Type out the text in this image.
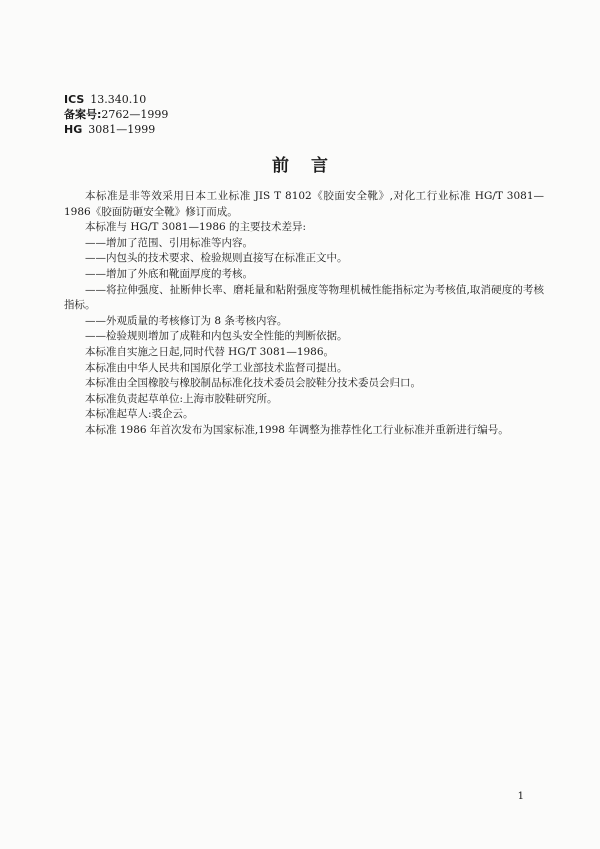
ICS 13.340.10
备案号:2762—1999
HG 3081—1999
前言

本标准是非等效采用日本工业标准 JIS T 8102《胶面安全靴》,对化工行业标准 HG/T 3081—1986《胶面防砸安全靴》修订而成。

本标准与 HG/T 3081—1986 的主要技术差异:

——增加了范围、引用标准等内容。

——内包头的技术要求、检验规则直接写在标准正文中。

——增加了外底和靴面厚度的考核。

——将拉伸强度、扯断伸长率、磨耗量和粘附强度等物理机械性能指标定为考核值,取消硬度的考核指标。

——外观质量的考核修订为 8 条考核内容。

——检验规则增加了成鞋和内包头安全性能的判断依据。

本标准自实施之日起,同时代替 HG/T 3081—1986。

本标准由中华人民共和国原化学工业部技术监督司提出。

本标准由全国橡胶与橡胶制品标准化技术委员会胶鞋分技术委员会归口。

本标准负责起草单位:上海市胶鞋研究所。

本标准起草人:裘企云。

本标准 1986 年首次发布为国家标准,1998 年调整为推荐性化工行业标准并重新进行编号。

1
